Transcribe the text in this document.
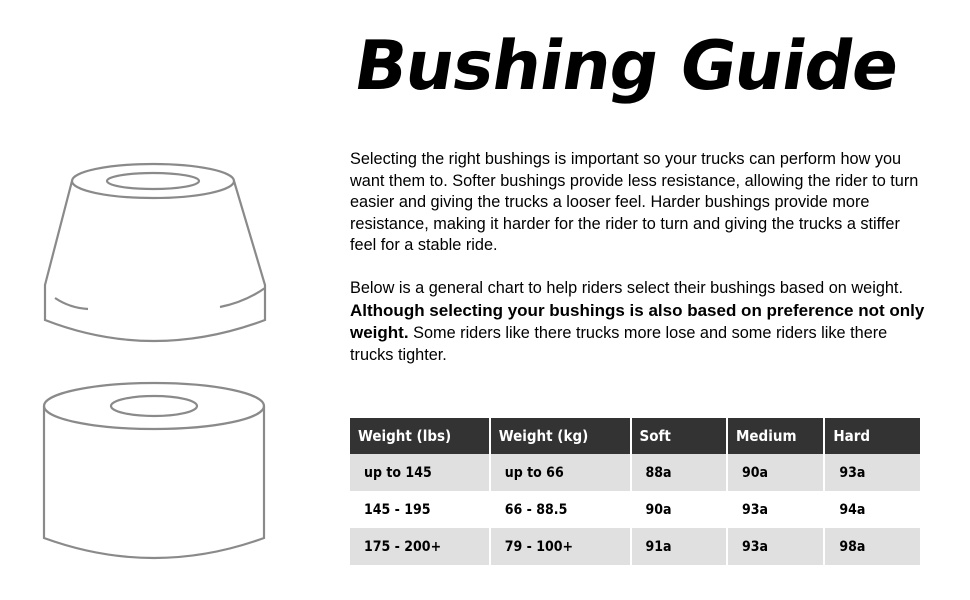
Bushing Guide

Selecting the right bushings is important so your trucks can perform how you want them to. Softer bushings provide less resistance, allowing the rider to turn easier and giving the trucks a looser feel. Harder bushings provide more resistance, making it harder for the rider to turn and giving the trucks a stiffer feel for a stable ride.

Below is a general chart to help riders select their bushings based on weight. Although selecting your bushings is also based on preference not only weight. Some riders like there trucks more lose and some riders like there trucks tighter.

Weight (lbs)	Weight (kg)	Soft	Medium	Hard
up to 145	up to 66	88a	90a	93a
145 - 195	66 - 88.5	90a	93a	94a
175 - 200+	79 - 100+	91a	93a	98a
